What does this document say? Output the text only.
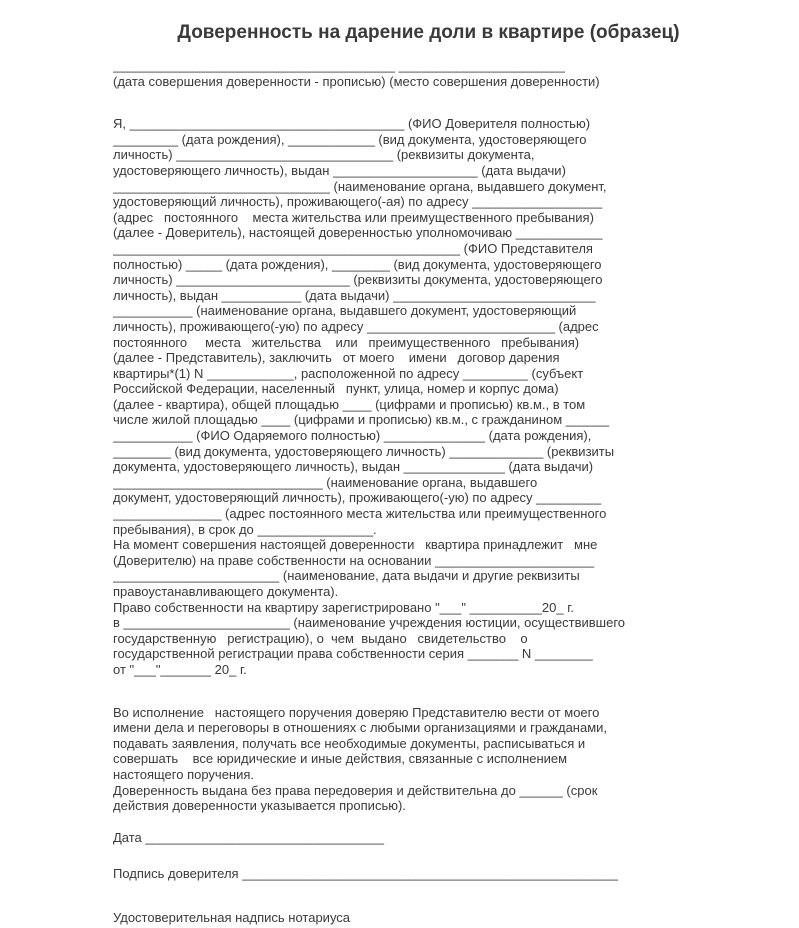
Доверенность на дарение доли в квартире (образец)
_______________________________________ _______________________
(дата совершения доверенности - прописью) (место совершения доверенности)
Я, ______________________________________ (ФИО Доверителя полностью)
_________ (дата рождения), ____________ (вид документа, удостоверяющего
личность) ______________________________ (реквизиты документа,
удостоверяющего личность), выдан ____________________ (дата выдачи)
______________________________ (наименование органа, выдавшего документ,
удостоверяющий личность), проживающего(-ая) по адресу __________________
(адрес   постоянного    места жительства или преимущественного пребывания)
(далее - Доверитель), настоящей доверенностью уполномочиваю ____________
________________________________________________ (ФИО Представителя
полностью) _____ (дата рождения), ________ (вид документа, удостоверяющего
личность) ________________________ (реквизиты документа, удостоверяющего
личность), выдан ___________ (дата выдачи) ____________________________
___________ (наименование органа, выдавшего документ, удостоверяющий
личность), проживающего(-ую) по адресу __________________________ (адрес
постоянного     места   жительства    или   преимущественного   пребывания)
(далее - Представитель), заключить   от моего    имени   договор дарения
квартиры*(1) N ____________, расположенной по адресу _________ (субъект
Российской Федерации, населенный   пункт, улица, номер и корпус дома)
(далее - квартира), общей площадью ____ (цифрами и прописью) кв.м., в том
числе жилой площадью ____ (цифрами и прописью) кв.м., с гражданином ______
___________ (ФИО Одаряемого полностью) ______________ (дата рождения),
________ (вид документа, удостоверяющего личность) _____________ (реквизиты
документа, удостоверяющего личность), выдан ______________ (дата выдачи)
_____________________________ (наименование органа, выдавшего
документ, удостоверяющий личность), проживающего(-ую) по адресу _________
_______________ (адрес постоянного места жительства или преимущественного
пребывания), в срок до ________________.
На момент совершения настоящей доверенности   квартира принадлежит   мне
(Доверителю) на праве собственности на основании ______________________
_______________________ (наименование, дата выдачи и другие реквизиты
правоустанавливающего документа).
Право собственности на квартиру зарегистрировано "___" __________20_ г.
в _______________________ (наименование учреждения юстиции, осуществившего
государственную   регистрацию), о  чем  выдано   свидетельство    о
государственной регистрации права собственности серия _______ N ________
от "___"_______ 20_ г.
Во исполнение   настоящего поручения доверяю Представителю вести от моего
имени дела и переговоры в отношениях с любыми организациями и гражданами,
подавать заявления, получать все необходимые документы, расписываться и
совершать    все юридические и иные действия, связанные с исполнением
настоящего поручения.
Доверенность выдана без права передоверия и действительна до ______ (срок
действия доверенности указывается прописью).
Дата _________________________________
Подпись доверителя ____________________________________________________
Удостоверительная надпись нотариуса
